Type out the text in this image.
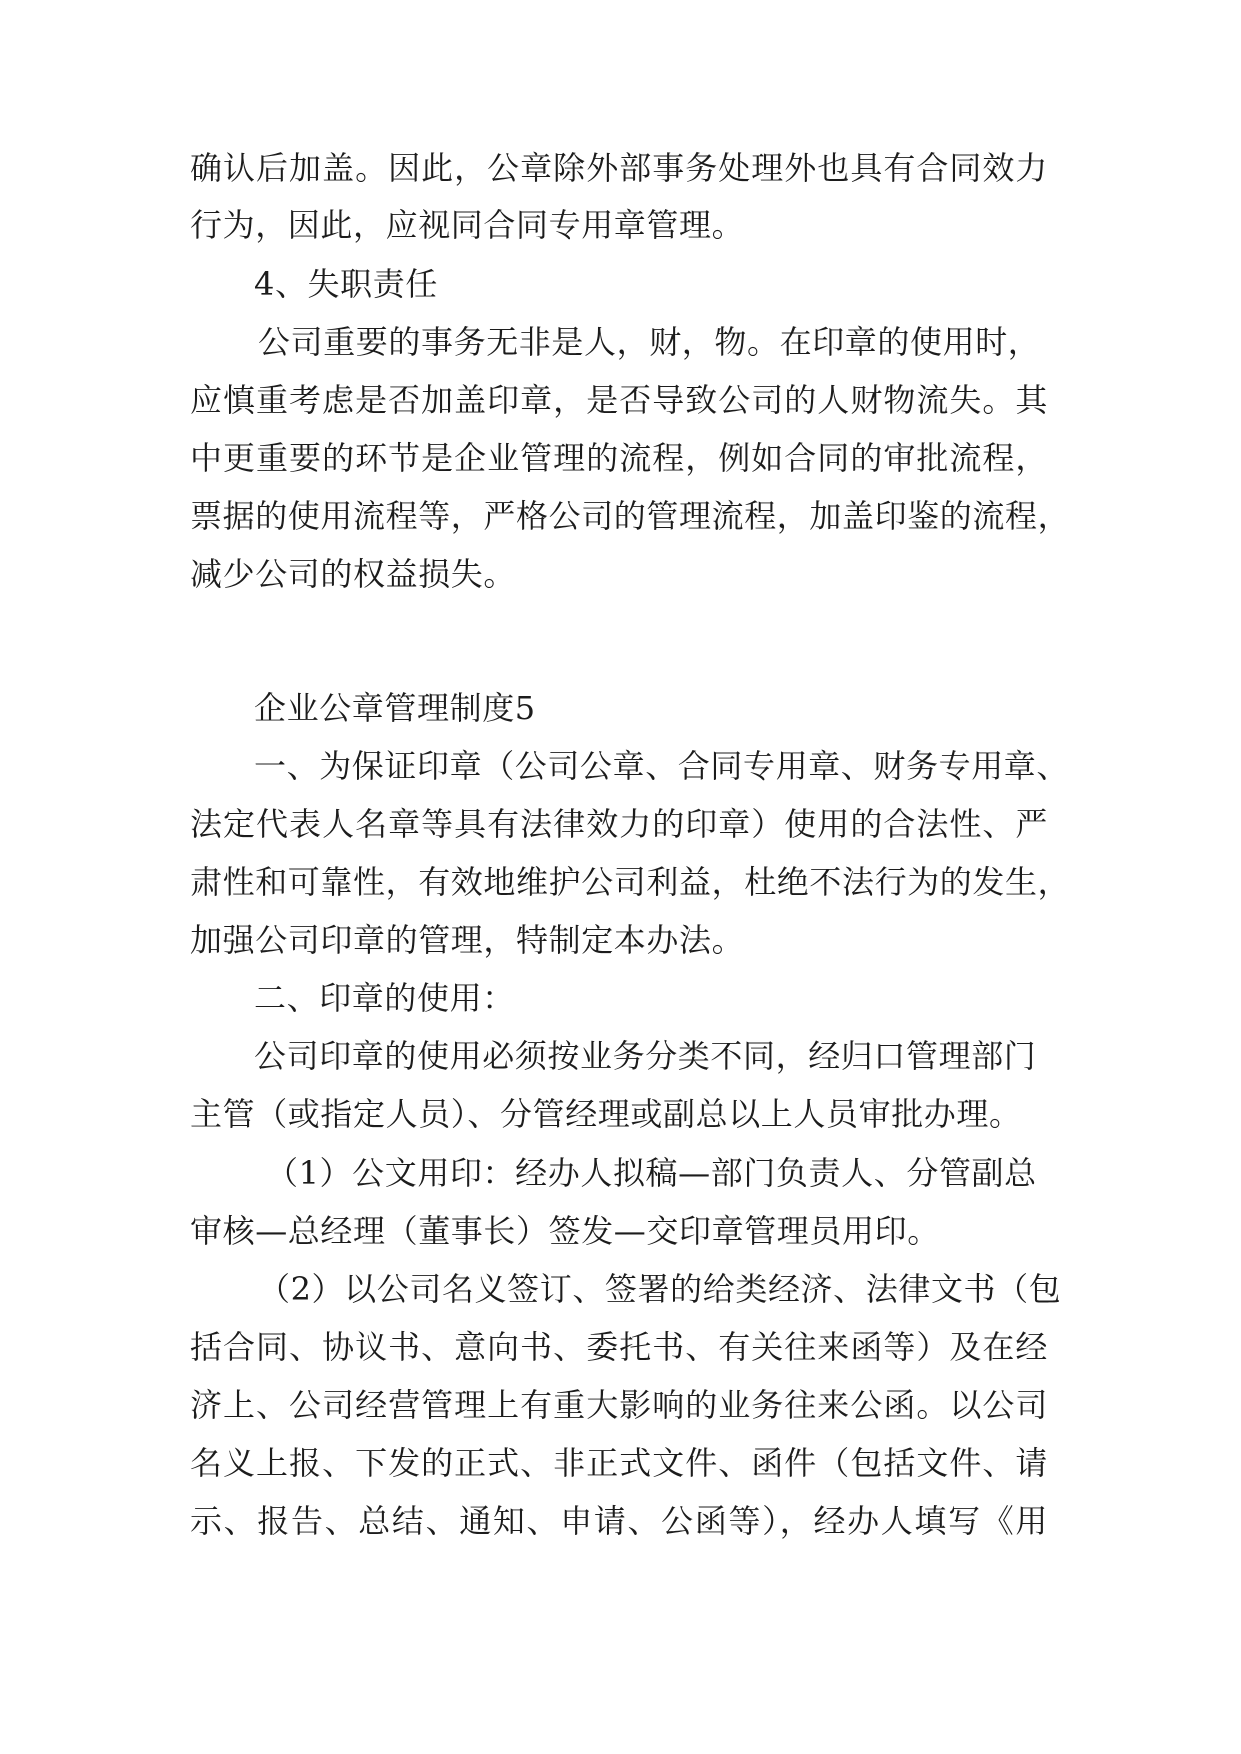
确认后加盖。因此，公章除外部事务处理外也具有合同效力

行为，因此，应视同合同专用章管理。

4、失职责任

公司重要的事务无非是人，财，物。在印章的使用时，

应慎重考虑是否加盖印章，是否导致公司的人财物流失。其

中更重要的环节是企业管理的流程，例如合同的审批流程，

票据的使用流程等，严格公司的管理流程，加盖印鉴的流程，

减少公司的权益损失。

企业公章管理制度5

一、为保证印章（公司公章、合同专用章、财务专用章、

法定代表人名章等具有法律效力的印章）使用的合法性、严

肃性和可靠性，有效地维护公司利益，杜绝不法行为的发生，

加强公司印章的管理，特制定本办法。

二、印章的使用：

公司印章的使用必须按业务分类不同，经归口管理部门

主管（或指定人员）、分管经理或副总以上人员审批办理。

（1）公文用印：经办人拟稿—部门负责人、分管副总

审核—总经理（董事长）签发—交印章管理员用印。

（2）以公司名义签订、签署的给类经济、法律文书（包

括合同、协议书、意向书、委托书、有关往来函等）及在经

济上、公司经营管理上有重大影响的业务往来公函。以公司

名义上报、下发的正式、非正式文件、函件（包括文件、请

示、报告、总结、通知、申请、公函等），经办人填写《用
